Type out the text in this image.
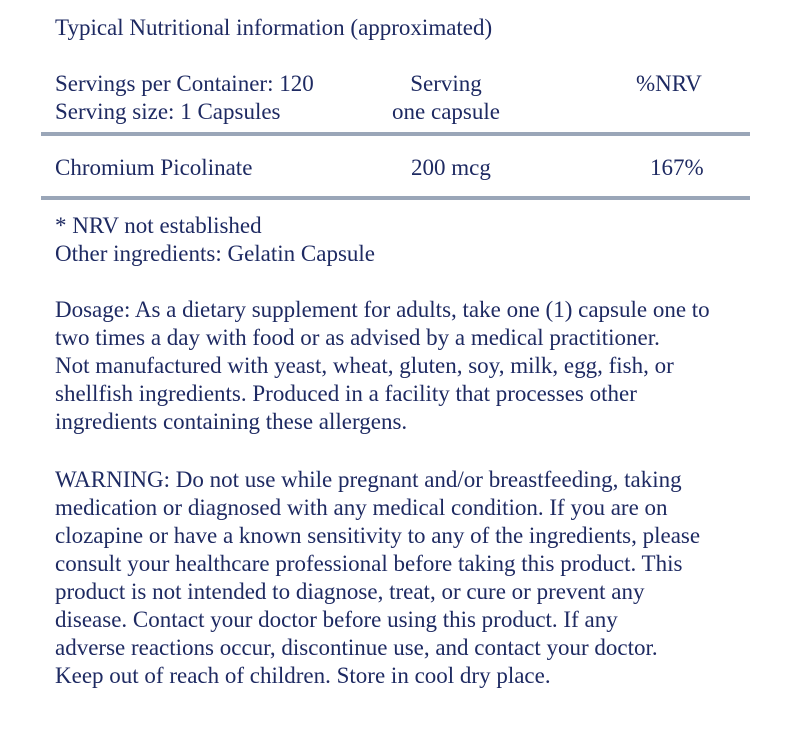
Typical Nutritional information (approximated)
Servings per Container: 120
Serving size: 1 Capsules
Serving
one capsule
%NRV
Chromium Picolinate	200 mcg	167%
* NRV not established
Other ingredients: Gelatin Capsule
Dosage: As a dietary supplement for adults, take one (1) capsule one to
two times a day with food or as advised by a medical practitioner.
Not manufactured with yeast, wheat, gluten, soy, milk, egg, fish, or
shellfish ingredients. Produced in a facility that processes other
ingredients containing these allergens.
WARNING: Do not use while pregnant and/or breastfeeding, taking
medication or diagnosed with any medical condition. If you are on
clozapine or have a known sensitivity to any of the ingredients, please
consult your healthcare professional before taking this product. This
product is not intended to diagnose, treat, or cure or prevent any
disease. Contact your doctor before using this product. If any
adverse reactions occur, discontinue use, and contact your doctor.
Keep out of reach of children. Store in cool dry place.
